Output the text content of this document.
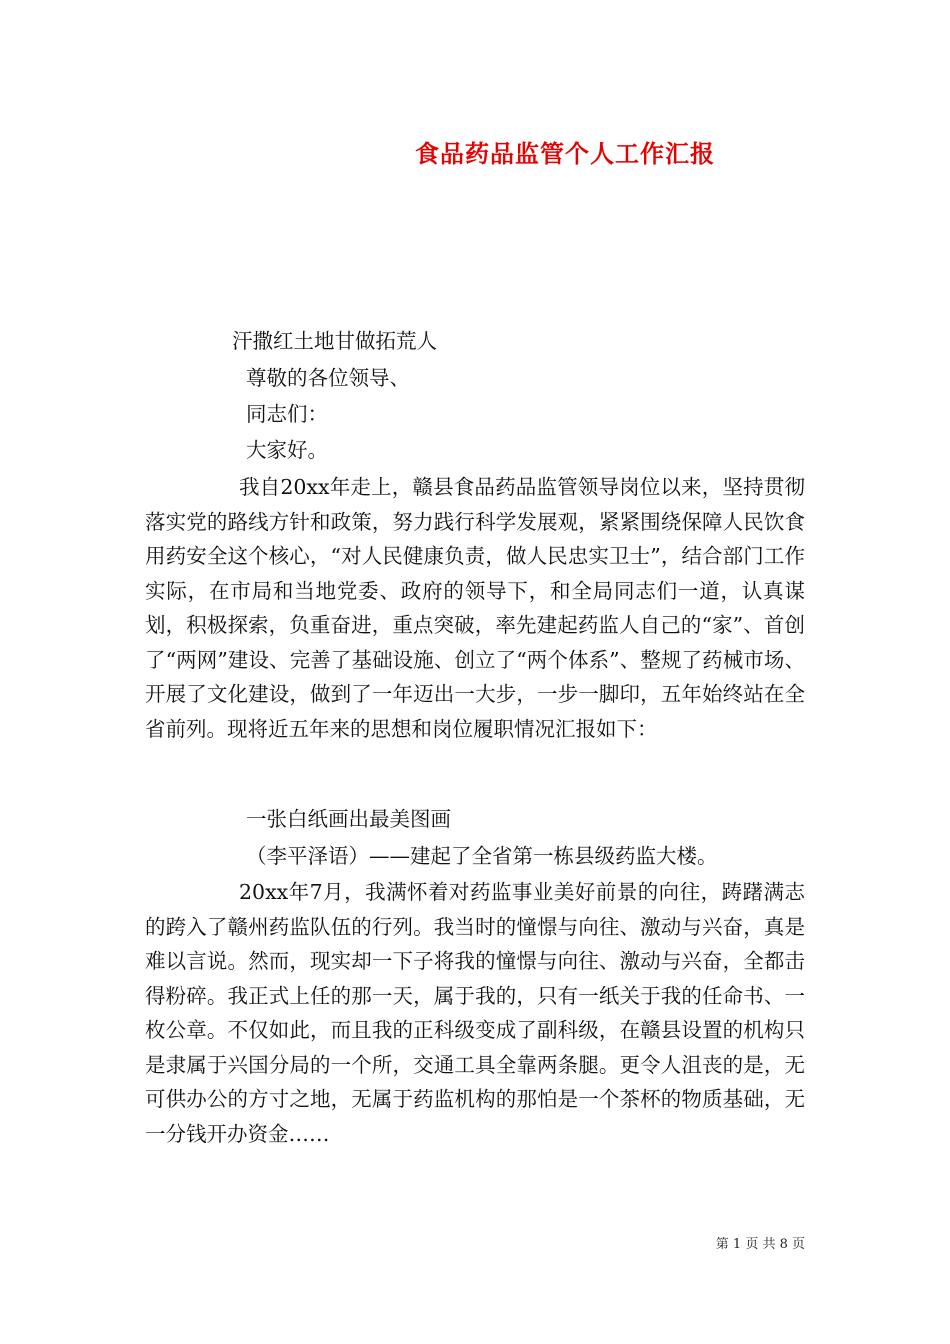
食品药品监管个人工作汇报
汗撒红土地甘做拓荒人
尊敬的各位领导、
同志们：
大家好。

我自20xx年走上，赣县食品药品监管领导岗位以来，坚持贯彻落实党的路线方针和政策，努力践行科学发展观，紧紧围绕保障人民饮食用药安全这个核心，“对人民健康负责，做人民忠实卫士”，结合部门工作实际，在市局和当地党委、政府的领导下，和全局同志们一道，认真谋划，积极探索，负重奋进，重点突破，率先建起药监人自己的“家”、首创了“两网”建设、完善了基础设施、创立了“两个体系”、整规了药械市场、开展了文化建设，做到了一年迈出一大步，一步一脚印，五年始终站在全省前列。现将近五年来的思想和岗位履职情况汇报如下：

一张白纸画出最美图画
（李平泽语）——建起了全省第一栋县级药监大楼。

20xx年7月，我满怀着对药监事业美好前景的向往，踌躇满志的跨入了赣州药监队伍的行列。我当时的憧憬与向往、激动与兴奋，真是难以言说。然而，现实却一下子将我的憧憬与向往、激动与兴奋，全都击得粉碎。我正式上任的那一天，属于我的，只有一纸关于我的任命书、一枚公章。不仅如此，而且我的正科级变成了副科级，在赣县设置的机构只是隶属于兴国分局的一个所，交通工具全靠两条腿。更令人沮丧的是，无可供办公的方寸之地，无属于药监机构的那怕是一个茶杯的物质基础，无一分钱开办资金……

第 1 页 共 8 页
